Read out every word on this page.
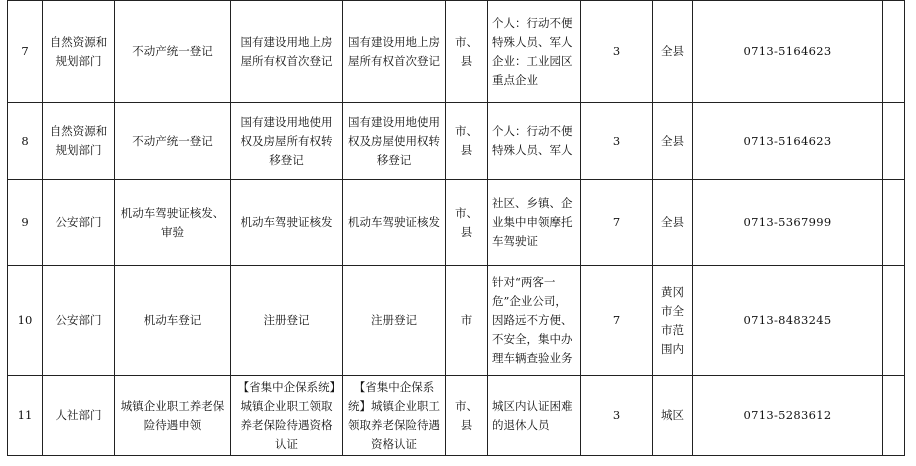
7	自然资源和规划部门	不动产统一登记	国有建设用地上房屋所有权首次登记	国有建设用地上房屋所有权首次登记	市、县	个人：行动不便特殊人员、军人企业：工业园区重点企业	3	全县	0713-5164623	
8	自然资源和规划部门	不动产统一登记	国有建设用地使用权及房屋所有权转移登记	国有建设用地使用权及房屋使用权转移登记	市、县	个人：行动不便特殊人员、军人	3	全县	0713-5164623	
9	公安部门	机动车驾驶证核发、审验	机动车驾驶证核发	机动车驾驶证核发	市、县	社区、乡镇、企业集中申领摩托车驾驶证	7	全县	0713-5367999	
10	公安部门	机动车登记	注册登记	注册登记	市	针对“两客一危”企业公司，因路远不方便、不安全，集中办理车辆查验业务	7	黄冈市全市范围内	0713-8483245	
11	人社部门	城镇企业职工养老保险待遇申领	【省集中企保系统】城镇企业职工领取养老保险待遇资格认证	【省集中企保系统】城镇企业职工领取养老保险待遇资格认证	市、县	城区内认证困难的退休人员	3	城区	0713-5283612	
